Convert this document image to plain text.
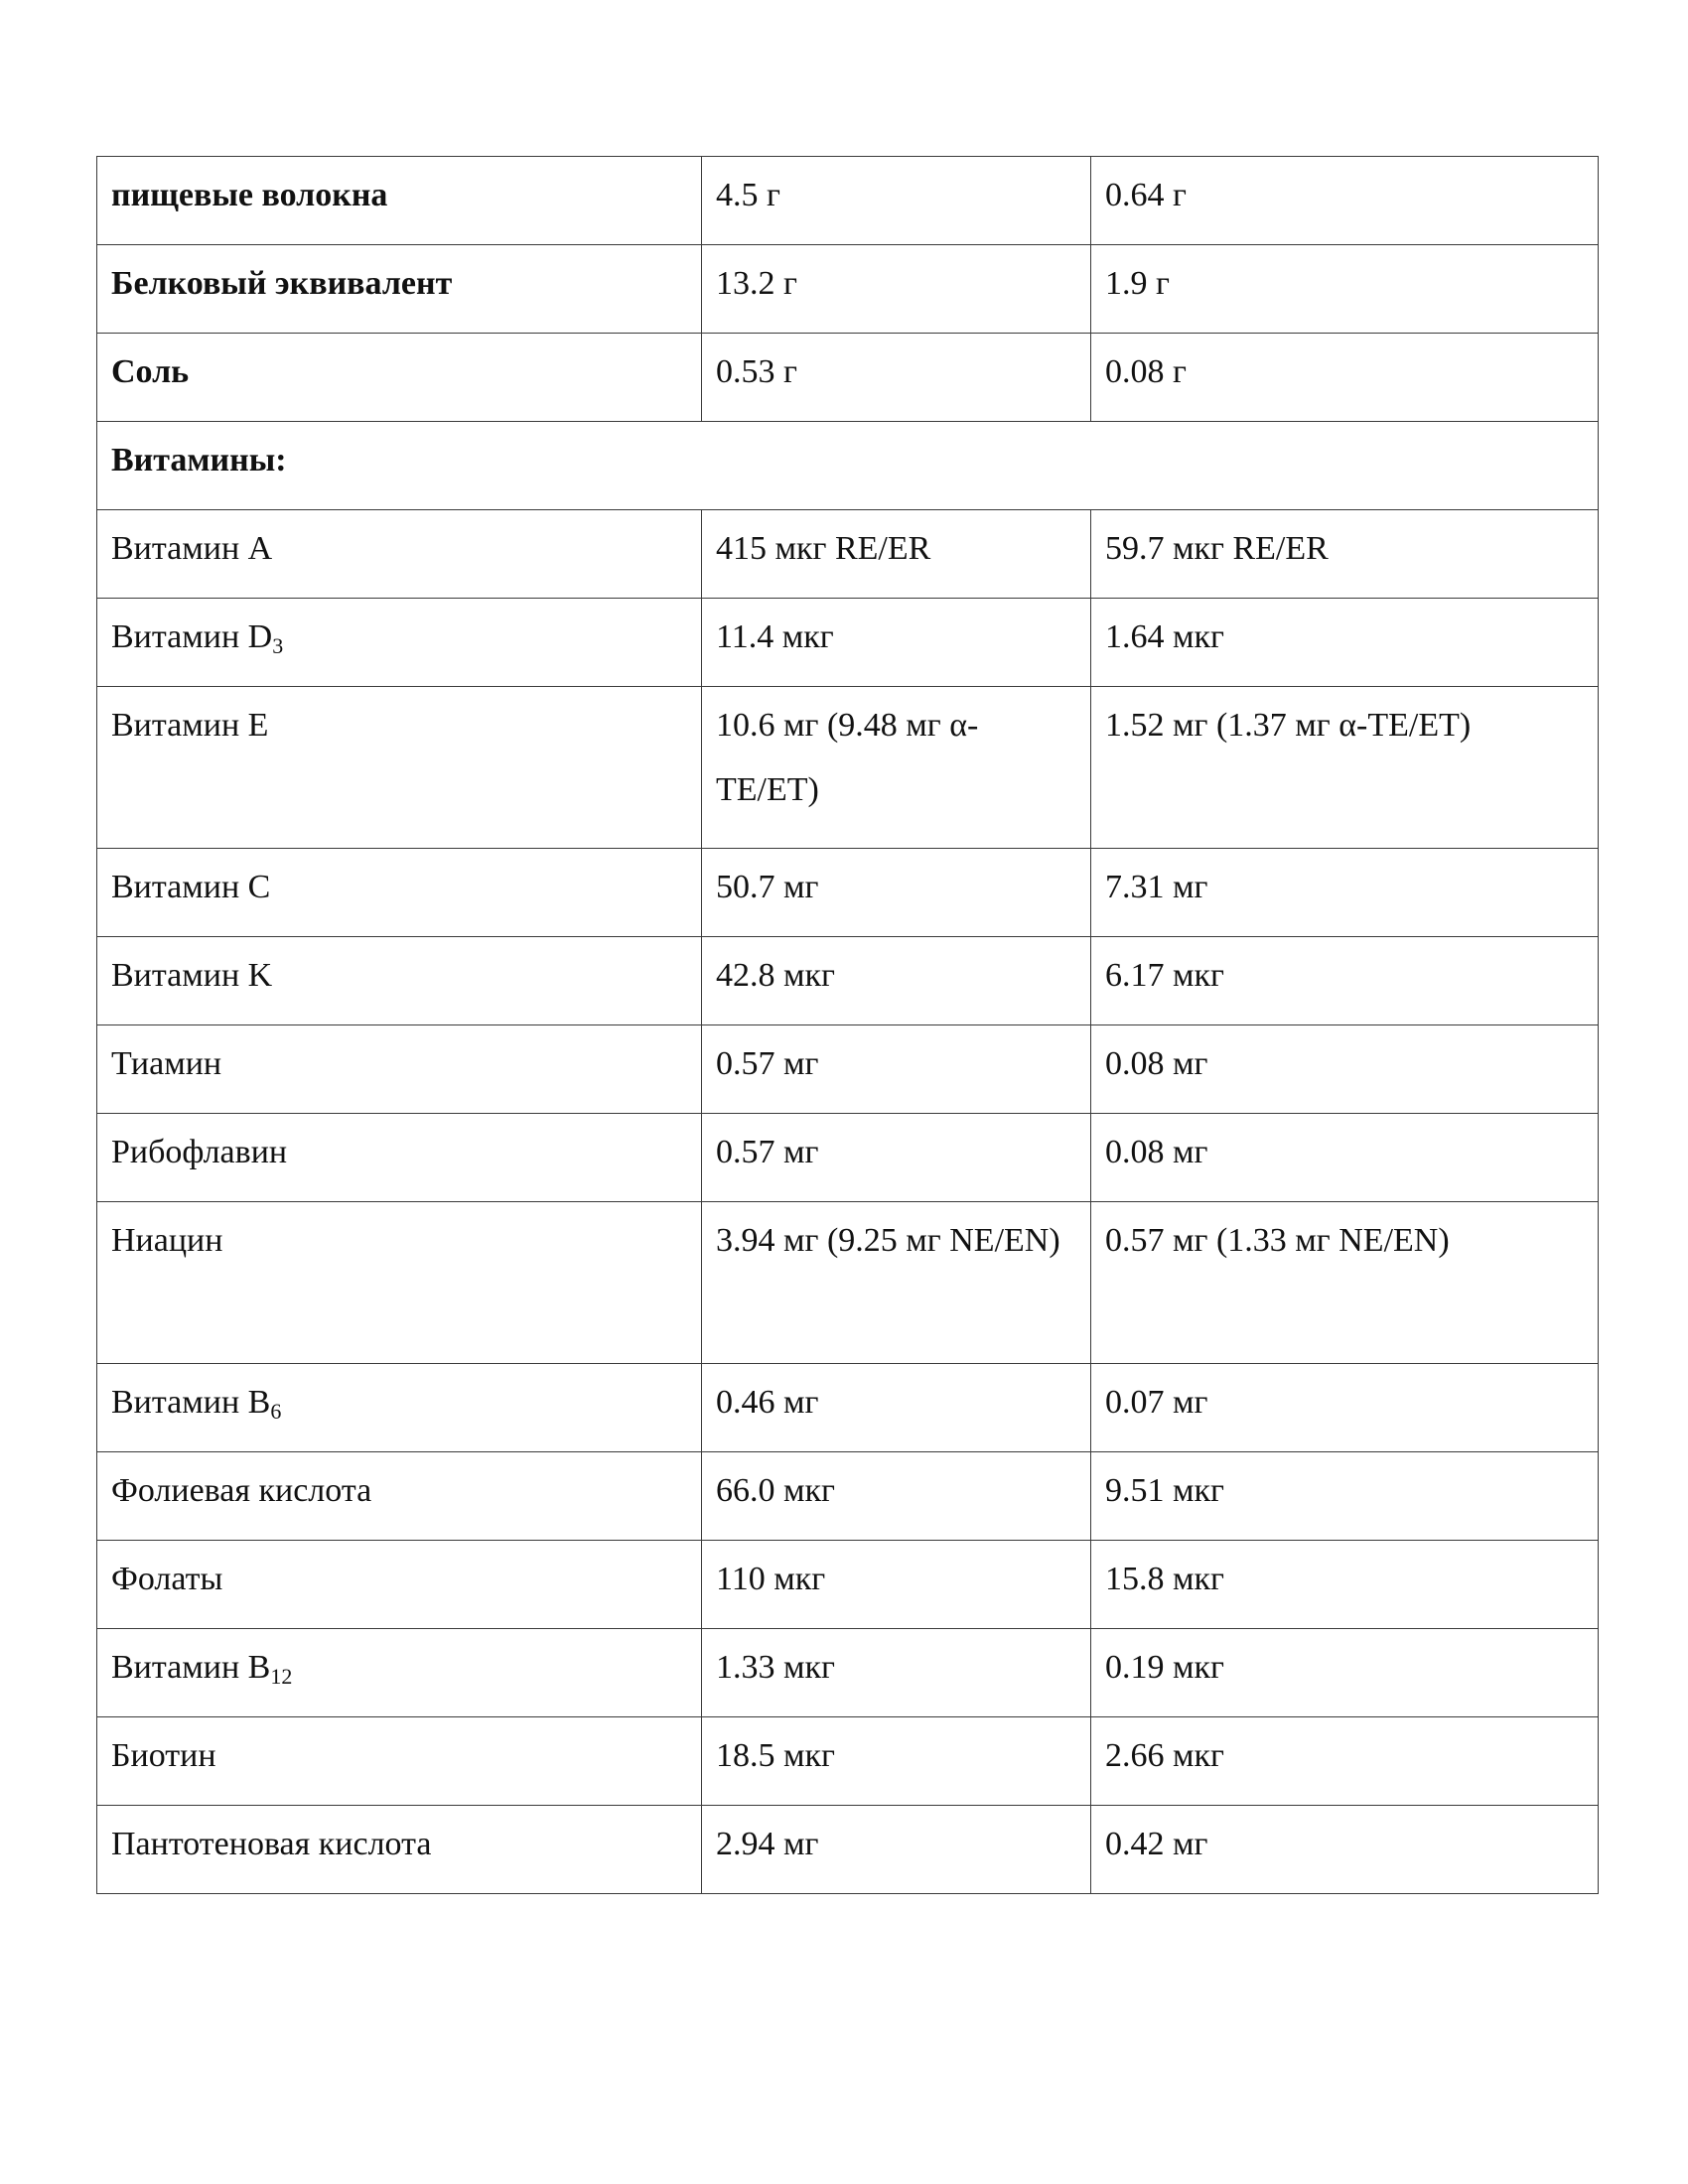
пищевые волокна	4.5 г	0.64 г
Белковый эквивалент	13.2 г	1.9 г
Соль	0.53 г	0.08 г
Витамины:		
Витамин A	415 мкг RE/ER	59.7 мкг RE/ER
Витамин $D_3$	11.4 мкг	1.64 мкг
Витамин E	10.6 мг (9.48 мг α-TE/ET)	1.52 мг (1.37 мг α-TE/ET)
Витамин C	50.7 мг	7.31 мг
Витамин K	42.8 мкг	6.17 мкг
Тиамин	0.57 мг	0.08 мг
Рибофлавин	0.57 мг	0.08 мг
Ниацин	3.94 мг (9.25 мг NE/EN)	0.57 мг (1.33 мг NE/EN)
Витамин $B_6$	0.46 мг	0.07 мг
Фолиевая кислота	66.0 мкг	9.51 мкг
Фолаты	110 мкг	15.8 мкг
Витамин $B_{12}$	1.33 мкг	0.19 мкг
Биотин	18.5 мкг	2.66 мкг
Пантотеновая кислота	2.94 мг	0.42 мг
